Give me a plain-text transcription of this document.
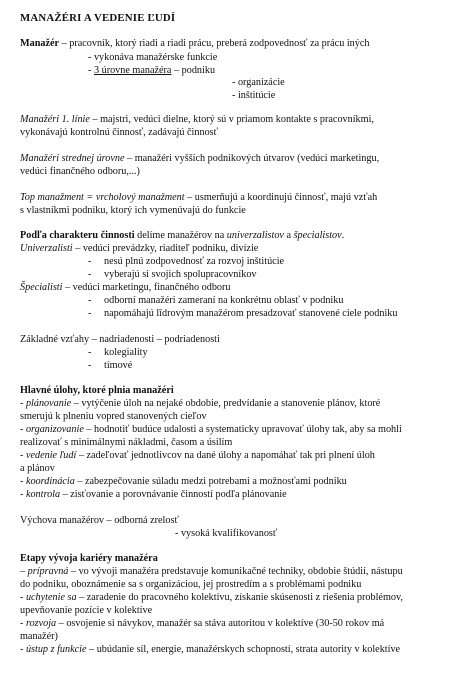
MANAŽÉRI A VEDENIE ĽUDÍ
Manažér – pracovník, ktorý riadi a riadi prácu, preberá zodpovednosť za prácu iných
- vykonáva manažérske funkcie
- 3 úrovne manažéra – podniku
- organizácie
- inštitúcie
Manažéri 1. línie – majstri, vedúci dielne, ktorý sú v priamom kontakte s pracovníkmi,
vykonávajú kontrolnú činnosť, zadávajú činnosť
Manažéri strednej úrovne – manažéri vyšších podnikových útvarov (vedúci marketingu,
vedúci finančného odboru,...)
Top manažment = vrcholový manažment – usmerňujú a koordinujú činnosť, majú vzťah
s vlastníkmi podniku, ktorý ich vymenúvajú do funkcie
Podľa charakteru činnosti delíme manažérov na univerzalistov a špecialistov.
Univerzalisti – vedúci prevádzky, riaditeľ podniku, divízie
- nesú plnú zodpovednosť za rozvoj inštitúcie
- vyberajú si svojich spolupracovníkov
Špecialisti – vedúci marketingu, finančného odboru
- odborní manažéri zameraní na konkrétnu oblasť v podniku
- napomáhajú līdrovým manažérom presadzovať stanovené ciele podniku
Základné vzťahy – nadriadenosti – podriadenosti
- kolegiality
- tímové
Hlavné úlohy, ktoré plnia manažéri
- plánovanie – vytýčenie úloh na nejaké obdobie, predvídanie a stanovenie plánov, ktoré
smerujú k plneniu vopred stanovených cieľov
- organizovanie – hodnotiť budúce udalosti a systematicky upravovať úlohy tak, aby sa mohli
realizovať s minimálnymi nákladmi, časom a úsilím
- vedenie ľudí – zadeľovať jednotlivcov na dané úlohy a napomáhať tak pri plnení úloh
a plánov
- koordinácia – zabezpečovanie súladu medzi potrebami a možnosťami podniku
- kontrola – zisťovanie a porovnávanie činností podľa plánovanie
Výchova manažérov – odborná zrelosť
- vysoká kvalifikovanosť
Etapy vývoja kariéry manažéra
– prípravná – vo vývoji manažéra predstavuje komunikačné techniky, obdobie štúdií, nástupu
do podniku, oboznámenie sa s organizáciou, jej prostredím a s problémami podniku
- uchytenie sa – zaradenie do pracovného kolektívu, získanie skúsenosti z riešenia problémov,
upevňovanie pozície v kolektíve
- rozvoja – osvojenie si návykov, manažér sa stáva autoritou v kolektíve (30-50 rokov má
manažér)
- ústup z funkcie – ubúdanie síl, energie, manažérskych schopností, strata autority v kolektíve
